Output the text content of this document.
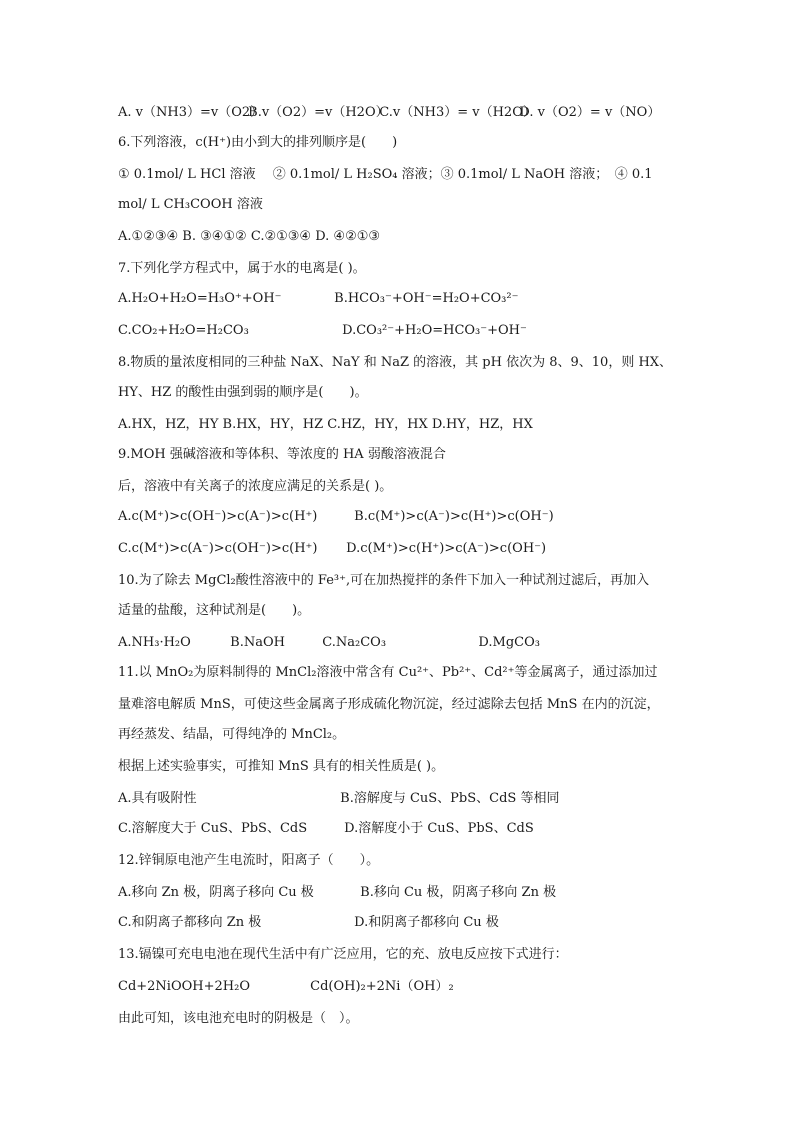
A. v（NH3）=v（O2） B.v（O2）=v（H2O） C.v（NH3）= v（H2O） D. v（O2）= v（NO）
6.下列溶液，c(H⁺)由小到大的排列顺序是(　　)
① 0.1mol/ L HCl 溶液　 ② 0.1mol/ L H₂SO₄ 溶液；③ 0.1mol/ L NaOH 溶液；　④ 0.1
mol/ L CH₃COOH 溶液
A.①②③④ B. ③④①② C.②①③④ D. ④②①③
7.下列化学方程式中，属于水的电离是( )。
A.H₂O+H₂O=H₃O⁺+OH⁻	B.HCO₃⁻+OH⁻=H₂O+CO₃²⁻
C.CO₂+H₂O=H₂CO₃	D.CO₃²⁻+H₂O=HCO₃⁻+OH⁻
8.物质的量浓度相同的三种盐 NaX、NaY 和 NaZ 的溶液，其 pH 依次为 8、9、10，则 HX、
HY、HZ 的酸性由强到弱的顺序是(　　)。
A.HX，HZ，HY B.HX，HY，HZ C.HZ，HY，HX D.HY，HZ，HX
9.MOH 强碱溶液和等体积、等浓度的 HA 弱酸溶液混合
后，溶液中有关离子的浓度应满足的关系是( )。
A.c(M⁺)>c(OH⁻)>c(A⁻)>c(H⁺)	B.c(M⁺)>c(A⁻)>c(H⁺)>c(OH⁻)
C.c(M⁺)>c(A⁻)>c(OH⁻)>c(H⁺) D.c(M⁺)>c(H⁺)>c(A⁻)>c(OH⁻)
10.为了除去 MgCl₂酸性溶液中的 Fe³⁺,可在加热搅拌的条件下加入一种试剂过滤后，再加入
适量的盐酸，这种试剂是(　　)。
A.NH₃·H₂O	B.NaOH	C.Na₂CO₃	D.MgCO₃
11.以 MnO₂为原料制得的 MnCl₂溶液中常含有 Cu²⁺、Pb²⁺、Cd²⁺等金属离子，通过添加过
量难溶电解质 MnS，可使这些金属离子形成硫化物沉淀，经过滤除去包括 MnS 在内的沉淀，
再经蒸发、结晶，可得纯净的 MnCl₂。
根据上述实验事实，可推知 MnS 具有的相关性质是( )。
A.具有吸附性	B.溶解度与 CuS、PbS、CdS 等相同
C.溶解度大于 CuS、PbS、CdS	D.溶解度小于 CuS、PbS、CdS
12.锌铜原电池产生电流时，阳离子（　　）。
A.移向 Zn 极，阴离子移向 Cu 极	B.移向 Cu 极，阴离子移向 Zn 极
C.和阴离子都移向 Zn 极	D.和阴离子都移向 Cu 极
13.镉镍可充电电池在现代生活中有广泛应用，它的充、放电反应按下式进行：
Cd+2NiOOH+2H₂O	Cd(OH)₂+2Ni（OH）₂
由此可知，该电池充电时的阴极是（　）。
